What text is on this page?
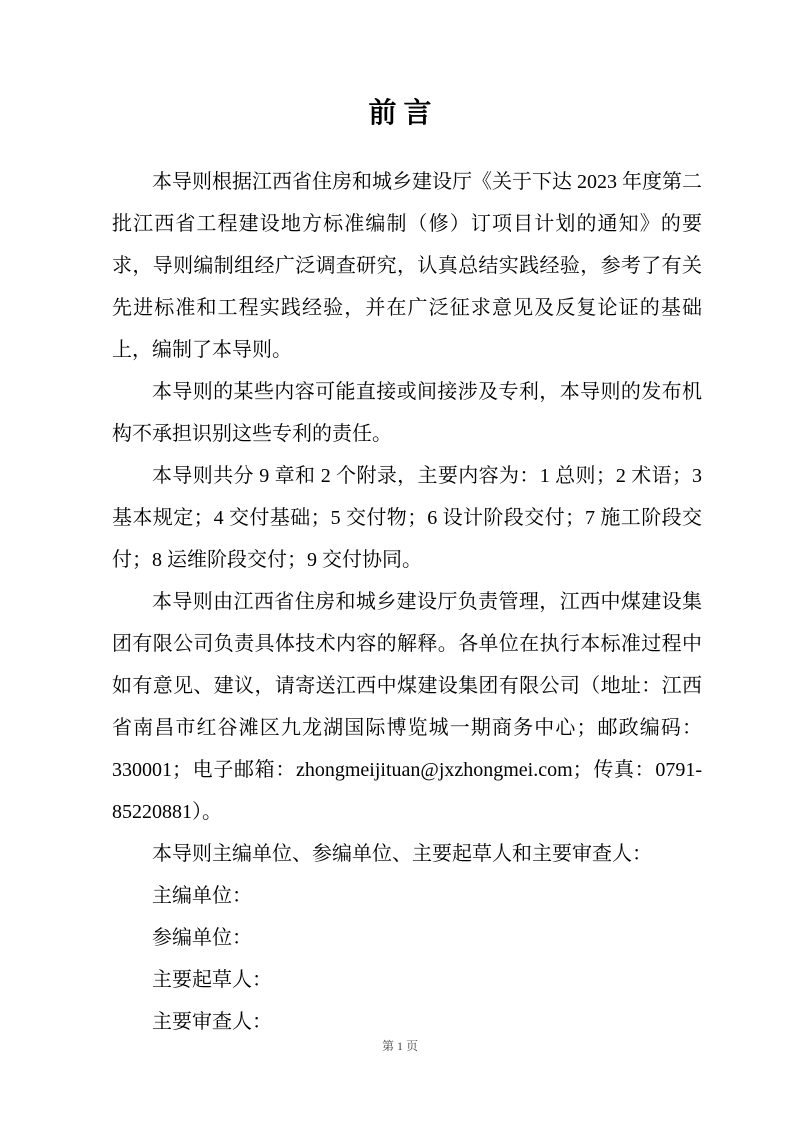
前言

本导则根据江西省住房和城乡建设厅《关于下达 2023 年度第二批江西省工程建设地方标准编制（修）订项目计划的通知》的要求，导则编制组经广泛调查研究，认真总结实践经验，参考了有关先进标准和工程实践经验，并在广泛征求意见及反复论证的基础上，编制了本导则。

本导则的某些内容可能直接或间接涉及专利，本导则的发布机构不承担识别这些专利的责任。

本导则共分 9 章和 2 个附录，主要内容为：1 总则；2 术语；3 基本规定；4 交付基础；5 交付物；6 设计阶段交付；7 施工阶段交付；8 运维阶段交付；9 交付协同。

本导则由江西省住房和城乡建设厅负责管理，江西中煤建设集团有限公司负责具体技术内容的解释。各单位在执行本标准过程中如有意见、建议，请寄送江西中煤建设集团有限公司（地址：江西省南昌市红谷滩区九龙湖国际博览城一期商务中心；邮政编码：330001；电子邮箱：zhongmeijituan@jxzhongmei.com；传真：0791-85220881）。

本导则主编单位、参编单位、主要起草人和主要审查人：

主编单位：

参编单位：

主要起草人：

主要审查人：

第 1 页
